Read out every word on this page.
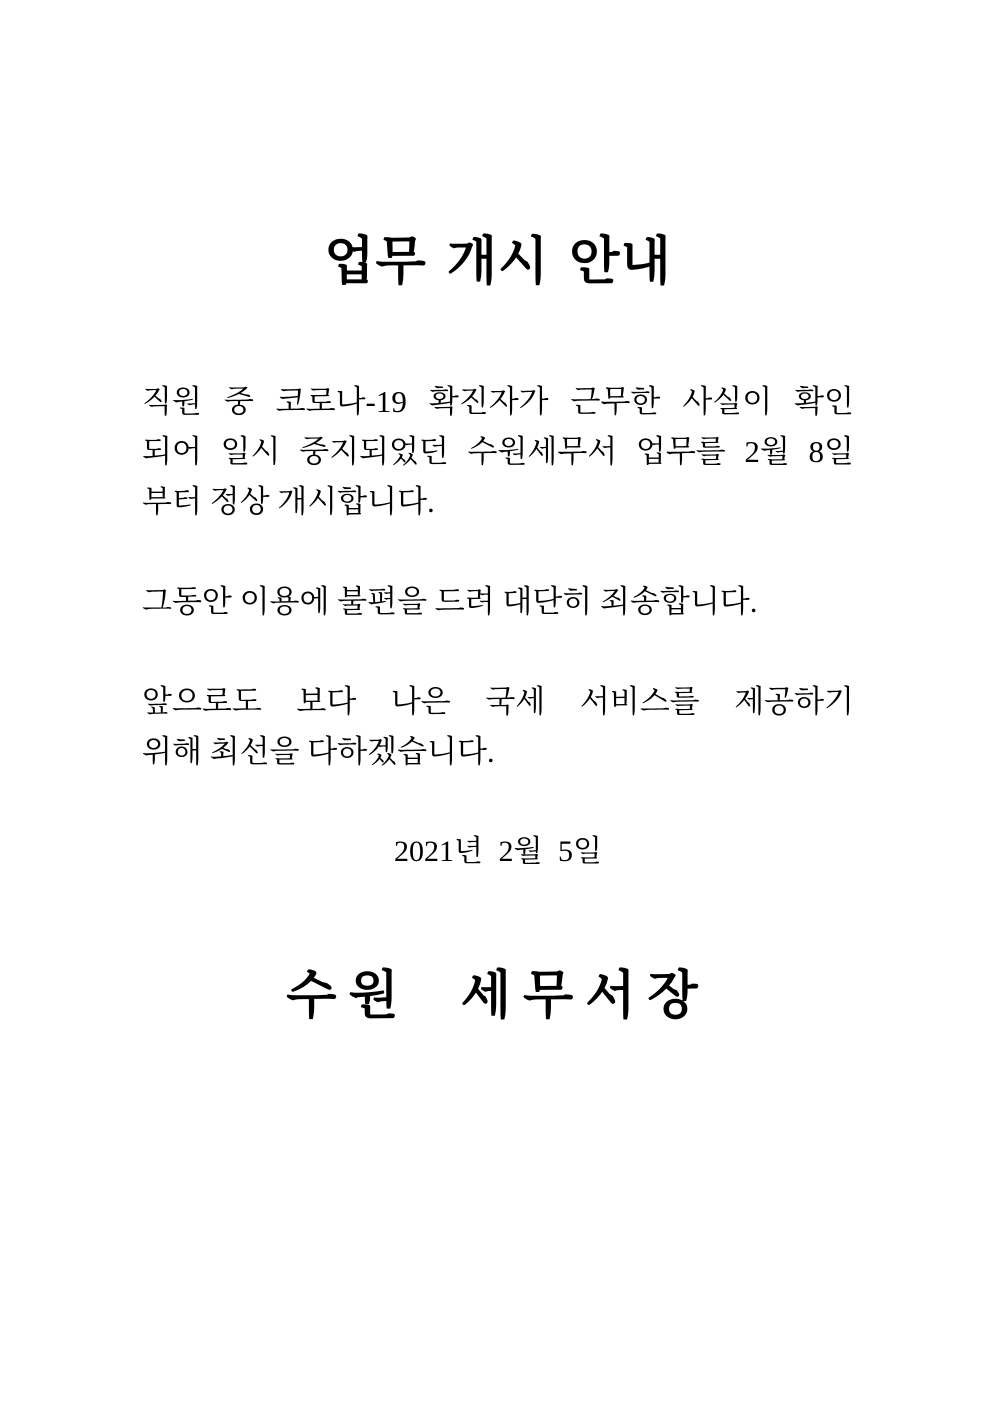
업무 개시 안내
직원 중 코로나-19 확진자가 근무한 사실이 확인
되어 일시 중지되었던 수원세무서 업무를 2월 8일
부터 정상 개시합니다.
그동안 이용에 불편을 드려 대단히 죄송합니다.
앞으로도 보다 나은 국세 서비스를 제공하기
위해 최선을 다하겠습니다.
2021년 2월 5일
수원  세무서장
